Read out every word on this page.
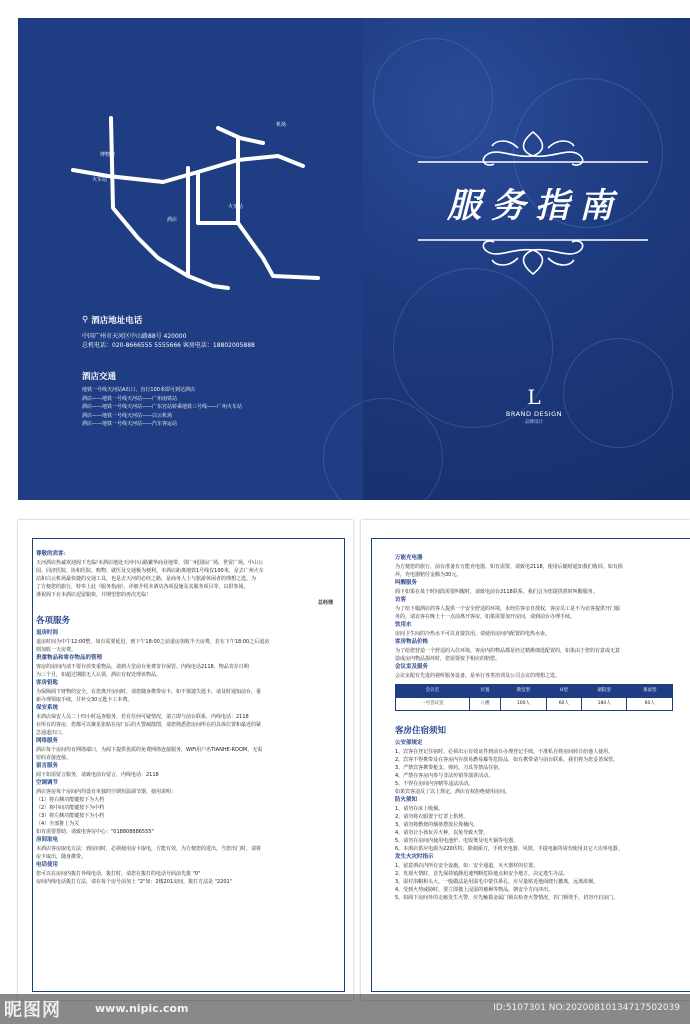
博物馆
机场
火车站
酒店
火车站
⚲ 酒店地址电话
中国广州市天河区中山路88号 420000
总机电话：020-8666555 5555666 客房电话：18802005888
酒店交通
地铁一号线天河站A出口，直行100米即可到达酒店
酒店——地铁一号线天河站——广州南铁站
酒店——地铁一号线天河站——广东宫站转乘地铁三号线——广州火车站
酒店——地铁一号线天河站——白云机场
酒店——地铁一号线天河站——汽车客运站
服务指南
L
BRAND DESIGN
品牌设计
尊敬的宾客：
天河酒店热诚欢迎阁下光临!本酒店地处天河中山路繁华商业地带，邻广州国际广场、世贸广场、中山公
园、同济医院、协和医院。购物、就医及交通极为便利。本酒店距离地铁1号线仅100米，是去广州火车
站和白云机场最快捷的交通工具，也是去天河的必经之路，是商务人士与旅游休闲者的理想之选。为
了方便您的旅行，特奉上此《服务指南》，详细介绍本酒店各项设施及其服务项目等，以供参阅。
谨祝阁下在本酒店逗留愉快，并期望您的再次光临！
总经理
各项服务
退房时间
退房时间为中午12:00整，如有需要延迟，到下午18:00之前退房加收半天房费，若在下午18:00之后退房
则加收一天房费。
贵重物品和寄存物品的管理
客房的房间内请不要存放贵重物品，请到大堂前台免费寄存保管。内线电话2118，物品寄存日期
为三个月，如超过期限无人认领，酒店有权处理该物品。
客房钥匙
为保障阁下财物的安全，在您离开房间时，请您随身携带房卡，如不慎遗失匙卡，请及时通知前台，重
新办理领取手续，并补交30元匙卡工本费。
保安系统
本酒店保安人员二十四小时巡查服务，若有任何可疑情况，请立即与前台联系，内线电话：2118
在所有的客房，您都可以聚见张贴在房门后的火警疏散图，请您熟悉您房间所在的具体位置和最近的紧
急通道出口。
网络服务
酒店每个房间均有网络端口，为阁下提供优质的免费网络连接服务，WiFi用户名TIANHE-ROOM，无需
密码直接连接。
留言服务
阁下如需留言服务，请致电前台留言，内线电话：2118
空调调节
酒店客房每个房间内均设有单独的空调恒温调节器，使用说明：
（1）将右侧功能键按下为大档
（2）将中间功能键按下为中档
（3）将左侧功能键按下为小档
（4）全部推上为关
如有需要帮助，请致电客房中心："018808886555"
房间取电
本酒店客房取电方法：到房间时，必须使用房卡取电，方能有效，为方便您的进出，当您出门时，请将
房卡取出，随身携带。
电话使用
您可以在房间内拨打外线电话，拨打时，请您在拨打的电话号码前先拨 "0"
房间内线电话拨打方法，请在每个房号前加上 "2"如：2楼201房间，拨打方法是 "2201"
万能充电器
为方便您的旅行，前台准备有万能充电器，如有需要，请致电2118，使用后随时通知我们收回。如有损
坏，充电器赔付金额为30元。
叫醒服务
阁下如果在某个时间段需要叫醒时，请致电前台2118联系，我们会为您提供准时叫醒服务。
访客
为了给下榻酒店的客人提供一个安全舒适的环境，未经住客亲自授权，客房员工是不为访客提供开门服
务的，请访客在晚上十一点前离开客房，如果需要加开房间，请到前台办理手续。
饮用水
房间卫生间的冷热水不可以直接饮用，请使用房间内配置的电热水壶。
客房物品价格
为了给您营造一个舒适的入住环境，客房内的物品都是经过精挑细选配置的，如果由于您的有意或无意
造成房内物品损坏时，您需要按予相应的赔偿。
会议室及服务
会议室配有先进的视听服务设备，是举行各类培训及公司会议的理想之选。
会议室	位置	教室型	U型	剧院型	课桌型
一号会议室	八楼	100人	60人	180人	60人
客房住宿须知
公安部规定
1、宾客在登记住宿时，必须出示有效证件到前台办理登记手续，不准私自将房间转让给他人使用。
2、宾客不得携带及在客房内存放易燃易爆等危险品，如有携带请与前台联系，我们将为您妥善保管。
3、严禁宾客携带枪支、弹药、刀具等禁品住宿。
4、严禁在客房内参与非法传销等演讲活动。
5、不得在房间内容赌等违法活动。
如果宾客违反了以上规定，酒店有权拒绝使用房间。
防火须知
1、请勿在床上吸烟。
2、请勿将衣服置于灯罩上烘烤。
3、请勿将燃烧的烟蒂摆放垃圾桶内。
4、请勿让小孩玩弄火种，以免导致火警。
5、请勿在房间内使用电池炉、电饭煲及电火锅等电器。
6、本酒店供应电源为220伏特，除剃须刀，手机充电器，风筒，手提电脑等请勿使用其它大功率电器。
发生火灾时指示
1、留意酒店内所有安全设施。如：安全通道，灭火器材的位置。
2、发现火情时，首先保持镇静迅速判断危险地点和安全地方，决定逃生办法。
3、湿衬浴帽和头大，一般做法是用湿毛巾蒙住鼻孔，应尽量贴近地面爬行撤离，远离浓烟。
4、受到火势威胁时，要立即披上浸湿的被褥等物品，朝安全方向冲出。
5、如阁下房间外的走廊发生火警，应先触摸金属门锁以检查火警情况，若门锁烫手，切勿开启房门。
昵图网	www.nipic.com	ID:5107301 NO:20200810134717502039
